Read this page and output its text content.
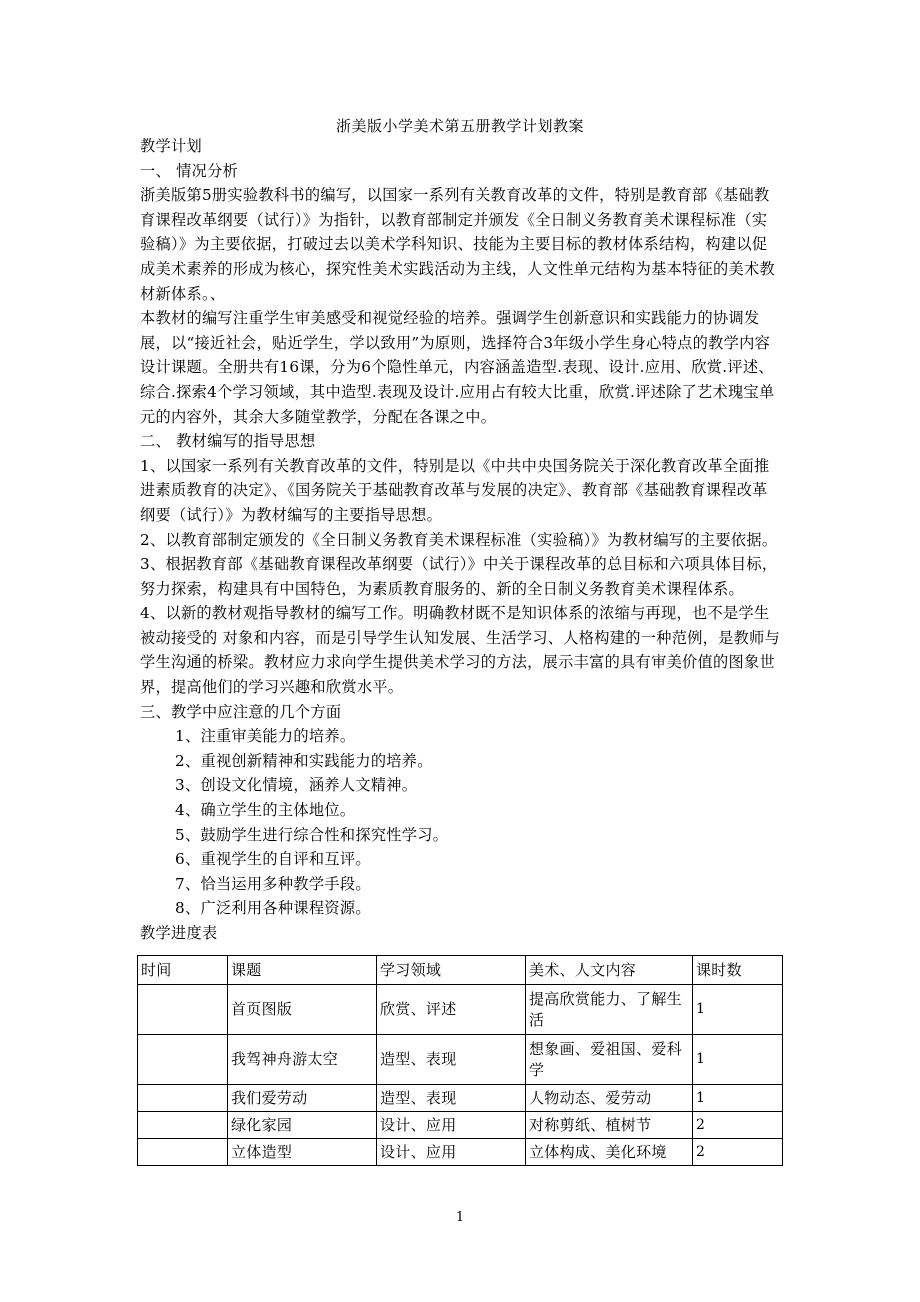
浙美版小学美术第五册教学计划教案

教学计划

一、 情况分析

浙美版第5册实验教科书的编写，以国家一系列有关教育改革的文件，特别是教育部《基础教育课程改革纲要（试行）》为指针，以教育部制定并颁发《全日制义务教育美术课程标准（实验稿）》为主要依据，打破过去以美术学科知识、技能为主要目标的教材体系结构，构建以促成美术素养的形成为核心，探究性美术实践活动为主线，人文性单元结构为基本特征的美术教材新体系。、

本教材的编写注重学生审美感受和视觉经验的培养。强调学生创新意识和实践能力的协调发展，以“接近社会，贴近学生，学以致用”为原则，选择符合3年级小学生身心特点的教学内容设计课题。全册共有16课，分为6个隐性单元，内容涵盖造型.表现、设计.应用、欣赏.评述、综合.探索4个学习领域，其中造型.表现及设计.应用占有较大比重，欣赏.评述除了艺术瑰宝单元的内容外，其余大多随堂教学，分配在各课之中。

二、 教材编写的指导思想

1、以国家一系列有关教育改革的文件，特别是以《中共中央国务院关于深化教育改革全面推进素质教育的决定》、《国务院关于基础教育改革与发展的决定》、教育部《基础教育课程改革纲要（试行）》为教材编写的主要指导思想。

2、以教育部制定颁发的《全日制义务教育美术课程标准（实验稿）》为教材编写的主要依据。

3、根据教育部《基础教育课程改革纲要（试行）》中关于课程改革的总目标和六项具体目标，努力探索，构建具有中国特色，为素质教育服务的、新的全日制义务教育美术课程体系。

4、以新的教材观指导教材的编写工作。明确教材既不是知识体系的浓缩与再现，也不是学生被动接受的 对象和内容，而是引导学生认知发展、生活学习、人格构建的一种范例，是教师与学生沟通的桥梁。教材应力求向学生提供美术学习的方法，展示丰富的具有审美价值的图象世界，提高他们的学习兴趣和欣赏水平。

三、教学中应注意的几个方面

1、注重审美能力的培养。

2、重视创新精神和实践能力的培养。

3、创设文化情境，涵养人文精神。

4、确立学生的主体地位。

5、鼓励学生进行综合性和探究性学习。

6、重视学生的自评和互评。

7、恰当运用多种教学手段。

8、广泛利用各种课程资源。

教学进度表

时间	课题	学习领域	美术、人文内容	课时数
	首页图版	欣赏、评述	提高欣赏能力、了解生活	1
	我驾神舟游太空	造型、表现	想象画、爱祖国、爱科学	1
	我们爱劳动	造型、表现	人物动态、爱劳动	1
	绿化家园	设计、应用	对称剪纸、植树节	2
	立体造型	设计、应用	立体构成、美化环境	2
1
